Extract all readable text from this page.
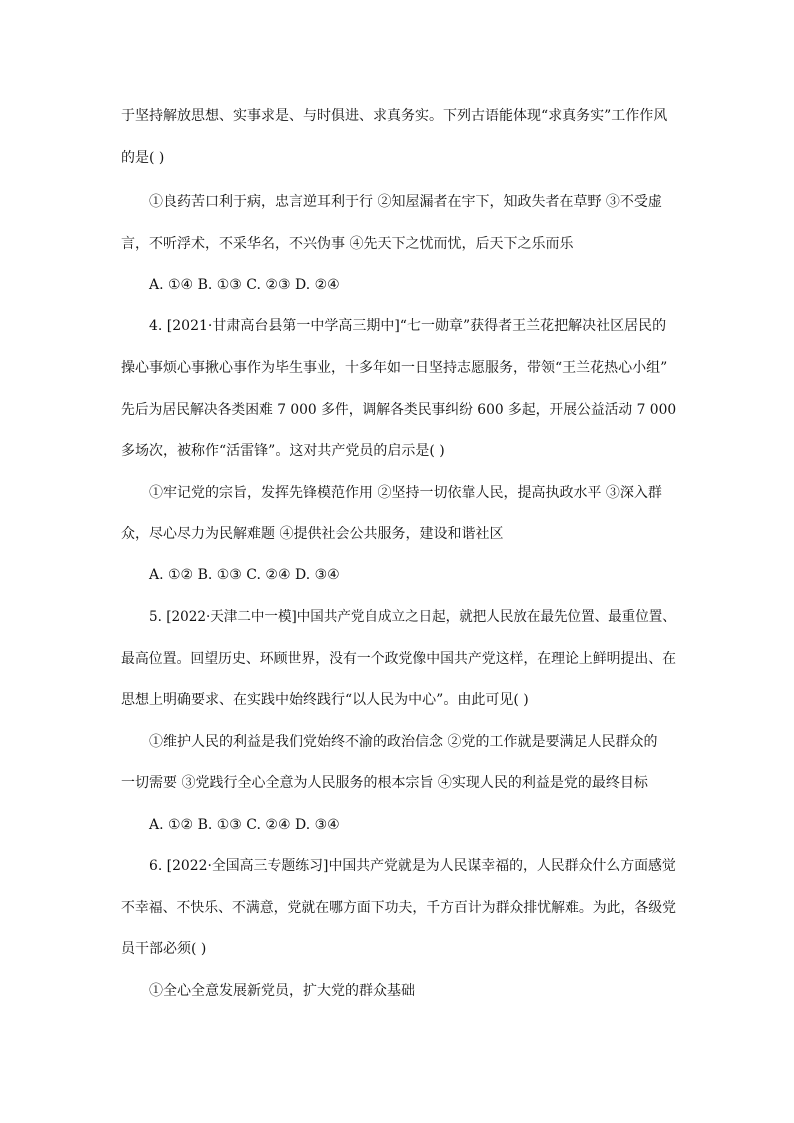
于坚持解放思想、实事求是、与时俱进、求真务实。下列古语能体现“求真务实”工作作风
的是( )
①良药苦口利于病，忠言逆耳利于行 ②知屋漏者在宇下，知政失者在草野 ③不受虚
言，不听浮术，不采华名，不兴伪事 ④先天下之忧而忧，后天下之乐而乐
A. ①④ B. ①③ C. ②③ D. ②④
4. [2021·甘肃高台县第一中学高三期中]“七一勋章”获得者王兰花把解决社区居民的
操心事烦心事揪心事作为毕生事业，十多年如一日坚持志愿服务，带领“王兰花热心小组”
先后为居民解决各类困难 7 000 多件，调解各类民事纠纷 600 多起，开展公益活动 7 000
多场次，被称作“活雷锋”。这对共产党员的启示是( )
①牢记党的宗旨，发挥先锋模范作用 ②坚持一切依靠人民，提高执政水平 ③深入群
众，尽心尽力为民解难题 ④提供社会公共服务，建设和谐社区
A. ①② B. ①③ C. ②④ D. ③④
5. [2022·天津二中一模]中国共产党自成立之日起，就把人民放在最先位置、最重位置、
最高位置。回望历史、环顾世界，没有一个政党像中国共产党这样，在理论上鲜明提出、在
思想上明确要求、在实践中始终践行“以人民为中心”。由此可见( )
①维护人民的利益是我们党始终不渝的政治信念 ②党的工作就是要满足人民群众的
一切需要 ③党践行全心全意为人民服务的根本宗旨 ④实现人民的利益是党的最终目标
A. ①② B. ①③ C. ②④ D. ③④
6. [2022·全国高三专题练习]中国共产党就是为人民谋幸福的，人民群众什么方面感觉
不幸福、不快乐、不满意，党就在哪方面下功夫，千方百计为群众排忧解难。为此，各级党
员干部必须( )
①全心全意发展新党员，扩大党的群众基础
